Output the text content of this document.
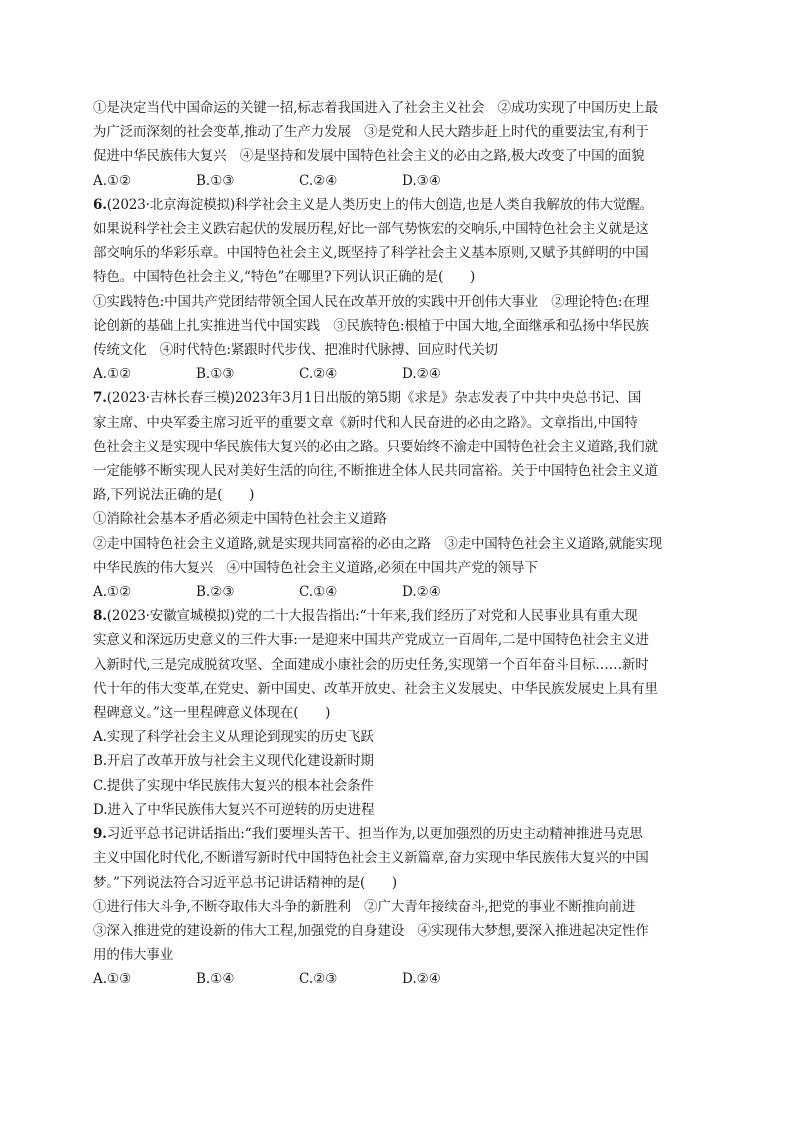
①是决定当代中国命运的关键一招,标志着我国进入了社会主义社会　②成功实现了中国历史上最
为广泛而深刻的社会变革,推动了生产力发展　③是党和人民大踏步赶上时代的重要法宝,有利于
促进中华民族伟大复兴　④是坚持和发展中国特色社会主义的必由之路,极大改变了中国的面貌
A.①②	B.①③	C.②④	D.③④
6.(2023·北京海淀模拟)科学社会主义是人类历史上的伟大创造,也是人类自我解放的伟大觉醒。
如果说科学社会主义跌宕起伏的发展历程,好比一部气势恢宏的交响乐,中国特色社会主义就是这
部交响乐的华彩乐章。中国特色社会主义,既坚持了科学社会主义基本原则,又赋予其鲜明的中国
特色。中国特色社会主义,“特色”在哪里?下列认识正确的是(　　)
①实践特色:中国共产党团结带领全国人民在改革开放的实践中开创伟大事业　②理论特色:在理
论创新的基础上扎实推进当代中国实践　③民族特色:根植于中国大地,全面继承和弘扬中华民族
传统文化　④时代特色:紧跟时代步伐、把准时代脉搏、回应时代关切
A.①②	B.①③	C.②④	D.②④
7.(2023·吉林长春三模)2023年3月1日出版的第5期《求是》杂志发表了中共中央总书记、国
家主席、中央军委主席习近平的重要文章《新时代和人民奋进的必由之路》。文章指出,中国特
色社会主义是实现中华民族伟大复兴的必由之路。只要始终不渝走中国特色社会主义道路,我们就
一定能够不断实现人民对美好生活的向往,不断推进全体人民共同富裕。关于中国特色社会主义道
路,下列说法正确的是(　　)
①消除社会基本矛盾必须走中国特色社会主义道路
②走中国特色社会主义道路,就是实现共同富裕的必由之路　③走中国特色社会主义道路,就能实现
中华民族的伟大复兴　④中国特色社会主义道路,必须在中国共产党的领导下
A.①②	B.②③	C.①④	D.②④
8.(2023·安徽宣城模拟)党的二十大报告指出:“十年来,我们经历了对党和人民事业具有重大现
实意义和深远历史意义的三件大事:一是迎来中国共产党成立一百周年,二是中国特色社会主义进
入新时代,三是完成脱贫攻坚、全面建成小康社会的历史任务,实现第一个百年奋斗目标……新时
代十年的伟大变革,在党史、新中国史、改革开放史、社会主义发展史、中华民族发展史上具有里
程碑意义。”这一里程碑意义体现在(　　)
A.实现了科学社会主义从理论到现实的历史飞跃
B.开启了改革开放与社会主义现代化建设新时期
C.提供了实现中华民族伟大复兴的根本社会条件
D.进入了中华民族伟大复兴不可逆转的历史进程
9.习近平总书记讲话指出:“我们要埋头苦干、担当作为,以更加强烈的历史主动精神推进马克思
主义中国化时代化,不断谱写新时代中国特色社会主义新篇章,奋力实现中华民族伟大复兴的中国
梦。”下列说法符合习近平总书记讲话精神的是(　　)
①进行伟大斗争,不断夺取伟大斗争的新胜利　②广大青年接续奋斗,把党的事业不断推向前进
③深入推进党的建设新的伟大工程,加强党的自身建设　④实现伟大梦想,要深入推进起决定性作
用的伟大事业
A.①③	B.①④	C.②③	D.②④
